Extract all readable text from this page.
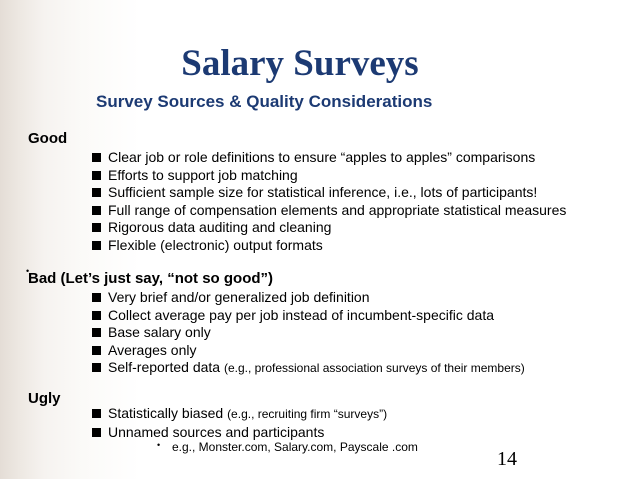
Salary Surveys
Survey Sources & Quality Considerations
Good
Clear job or role definitions to ensure “apples to apples” comparisons
Efforts to support job matching
Sufficient sample size for statistical inference, i.e., lots of participants!
Full range of compensation elements and appropriate statistical measures
Rigorous data auditing and cleaning
Flexible (electronic) output formats
•
Bad (Let’s just say, “not so good”)
Very brief and/or generalized job definition
Collect average pay per job instead of incumbent-specific data
Base salary only
Averages only
Self-reported data (e.g., professional association surveys of their members)
Ugly
Statistically biased (e.g., recruiting firm “surveys”)
Unnamed sources and participants
• e.g., Monster.com, Salary.com, Payscale .com
14
